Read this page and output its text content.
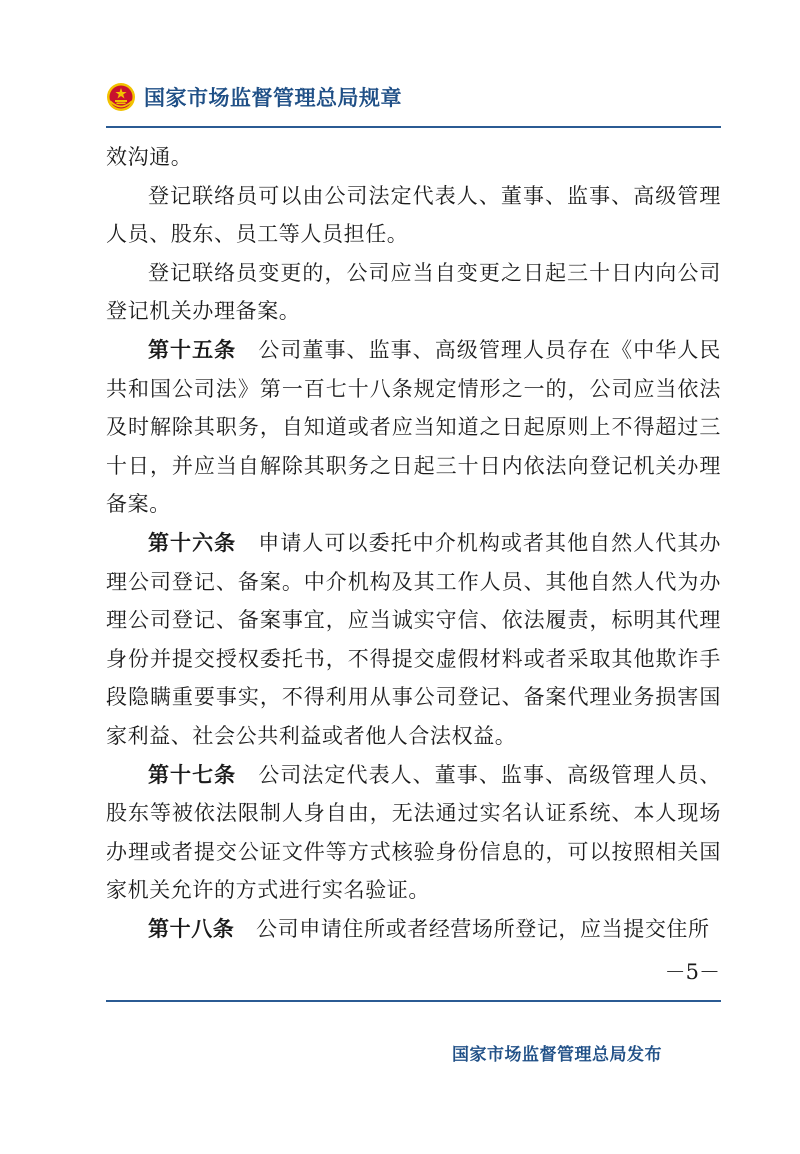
国家市场监督管理总局规章

效沟通。

登记联络员可以由公司法定代表人、董事、监事、高级管理人员、股东、员工等人员担任。

登记联络员变更的，公司应当自变更之日起三十日内向公司登记机关办理备案。

第十五条　 公司董事、监事、高级管理人员存在《中华人民共和国公司法》第一百七十八条规定情形之一的，公司应当依法及时解除其职务，自知道或者应当知道之日起原则上不得超过三十日，并应当自解除其职务之日起三十日内依法向登记机关办理备案。

第十六条　 申请人可以委托中介机构或者其他自然人代其办理公司登记、备案。中介机构及其工作人员、其他自然人代为办理公司登记、备案事宜，应当诚实守信、依法履责，标明其代理身份并提交授权委托书，不得提交虚假材料或者采取其他欺诈手段隐瞒重要事实，不得利用从事公司登记、备案代理业务损害国家利益、社会公共利益或者他人合法权益。

第十七条　 公司法定代表人、董事、监事、高级管理人员、股东等被依法限制人身自由，无法通过实名认证系统、本人现场办理或者提交公证文件等方式核验身份信息的，可以按照相关国家机关允许的方式进行实名验证。

第十八条　 公司申请住所或者经营场所登记，应当提交住所

－5－
国家市场监督管理总局发布
